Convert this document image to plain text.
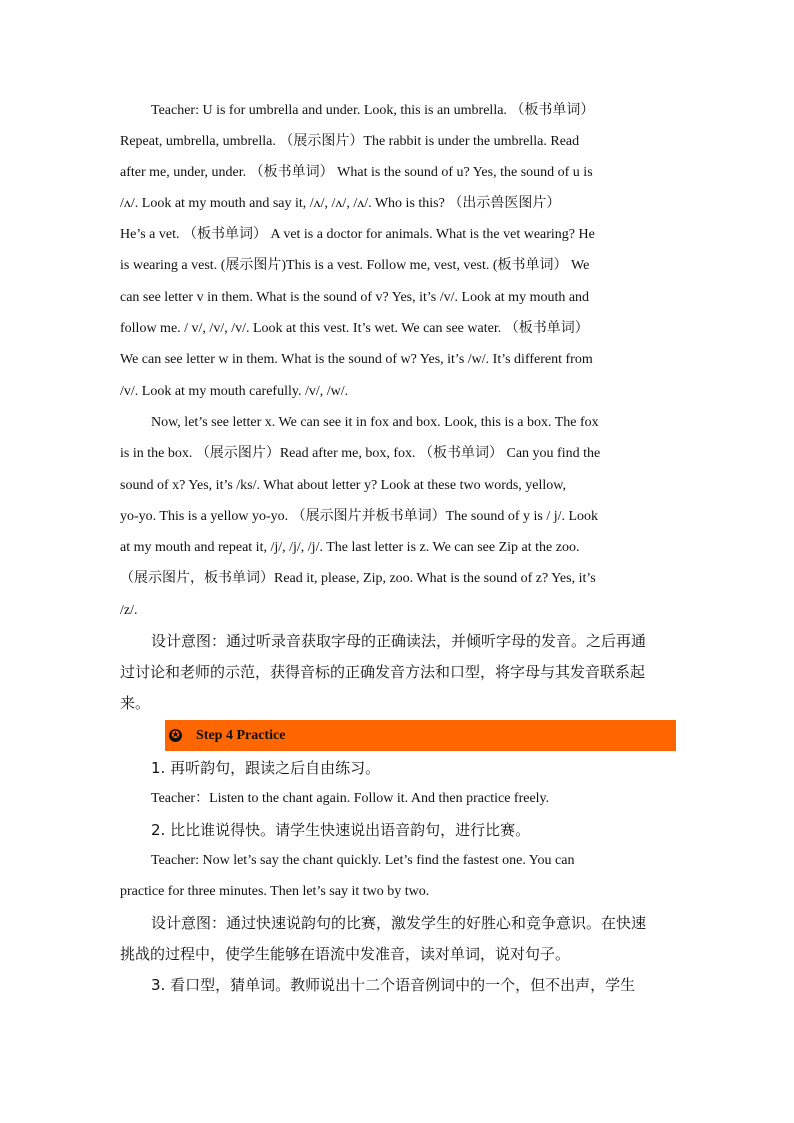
Teacher: U is for umbrella and under. Look, this is an umbrella. （板书单词）
Repeat, umbrella, umbrella. （展示图片）The rabbit is under the umbrella. Read
after me, under, under. （板书单词） What is the sound of u? Yes, the sound of u is
/ʌ/. Look at my mouth and say it, /ʌ/, /ʌ/, /ʌ/. Who is this? （出示兽医图片）
He’s a vet. （板书单词） A vet is a doctor for animals. What is the vet wearing? He
is wearing a vest. (展示图片)This is a vest. Follow me, vest, vest. (板书单词） We
can see letter v in them. What is the sound of v? Yes, it’s /v/. Look at my mouth and
follow me. / v/, /v/, /v/. Look at this vest. It’s wet. We can see water. （板书单词）
We can see letter w in them. What is the sound of w? Yes, it’s /w/. It’s different from
/v/. Look at my mouth carefully. /v/, /w/.
Now, let’s see letter x. We can see it in fox and box. Look, this is a box. The fox
is in the box. （展示图片）Read after me, box, fox. （板书单词） Can you find the
sound of x? Yes, it’s /ks/. What about letter y? Look at these two words, yellow,
yo-yo. This is a yellow yo-yo. （展示图片并板书单词）The sound of y is / j/. Look
at my mouth and repeat it, /j/, /j/, /j/. The last letter is z. We can see Zip at the zoo.
（展示图片，板书单词）Read it, please, Zip, zoo. What is the sound of z? Yes, it’s
/z/.
设计意图：通过听录音获取字母的正确读法，并倾听字母的发音。之后再通
过讨论和老师的示范，获得音标的正确发音方法和口型，将字母与其发音联系起
来。
✪ Step 4 Practice
1. 再听韵句，跟读之后自由练习。
Teacher：Listen to the chant again. Follow it. And then practice freely.
2. 比比谁说得快。请学生快速说出语音韵句，进行比赛。
Teacher: Now let’s say the chant quickly. Let’s find the fastest one. You can
practice for three minutes. Then let’s say it two by two.
设计意图：通过快速说韵句的比赛，激发学生的好胜心和竞争意识。在快速
挑战的过程中，使学生能够在语流中发准音，读对单词，说对句子。
3. 看口型，猜单词。教师说出十二个语音例词中的一个，但不出声，学生
